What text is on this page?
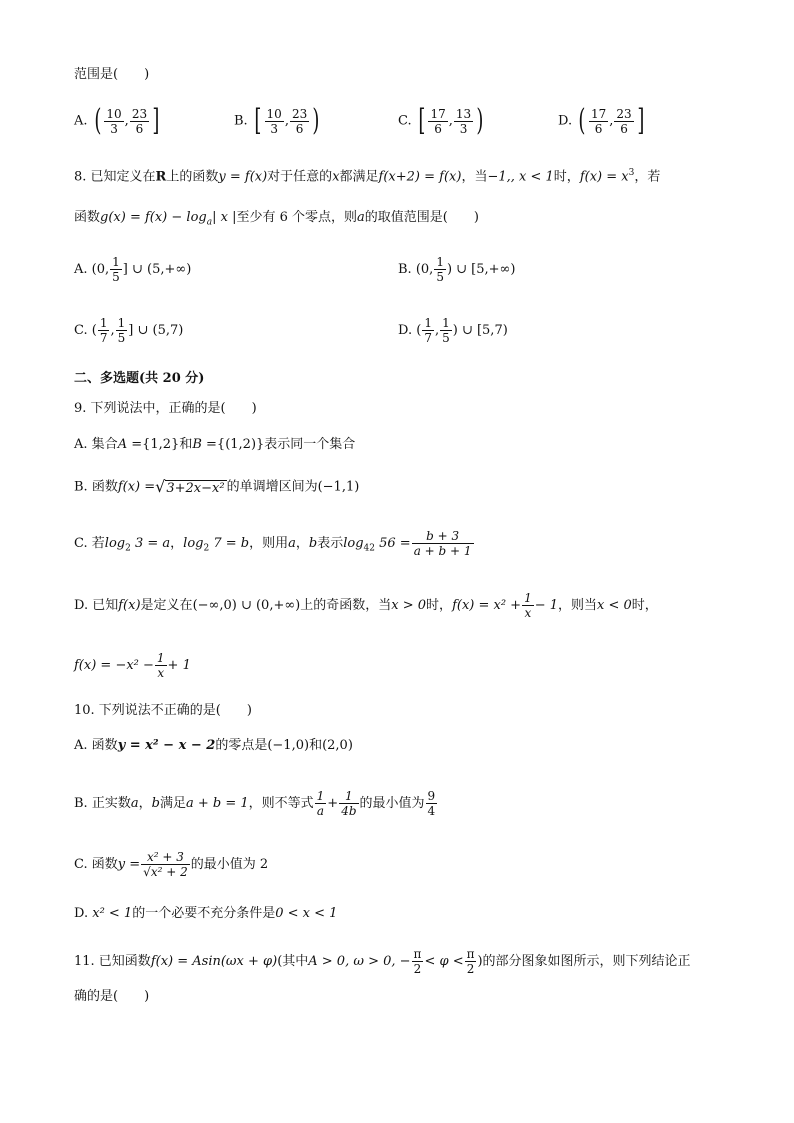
范围是(　　)
A. ( $\frac{10}{3}$ , $\frac{23}{6}$ ]	B. [ $\frac{10}{3}$ , $\frac{23}{6}$ )	C. [ $\frac{17}{6}$ , $\frac{13}{3}$ )	D. ( $\frac{17}{6}$ , $\frac{23}{6}$ ]
8. 已知定义在R上的函数y = f(x)对于任意的x都满足f(x+2) = f(x)，当−1,, x < 1时，$f(x) = x^3$，若
函数$g(x) = f(x) - \log_a|$ x |至少有 6 个零点，则a的取值范围是(　　)
A. (0, $\frac{1}{5}$ ] ∪ (5,+∞)	B. (0, $\frac{1}{5}$ ) ∪ [5,+∞)
C. ( $\frac{1}{7}$ , $\frac{1}{5}$ ] ∪ (5,7)	D. ( $\frac{1}{7}$ , $\frac{1}{5}$ ) ∪ [5,7)
二、多选题(共 20 分)
9. 下列说法中，正确的是(　　)
A. 集合A ={1,2}和B ={(1,2)}表示同一个集合
B. 函数f(x) =√3+2x−x² 的单调增区间为(−1,1)
C. 若$\log_2 3 = a$，$\log_2 7 = b$，则用a，b表示$\log_{42} 56 = \frac{b + 3}{a + b + 1}$
D. 已知f(x)是定义在(−∞,0) ∪ (0,+∞)上的奇函数，当x > 0时，$f(x) = x^2 + \frac{1}{x} - 1$，则当x < 0时，
$f(x) = -x^2 - \frac{1}{x} + 1$
10. 下列说法不正确的是(　　)
A. 函数y = x² − x − 2的零点是(−1,0)和(2,0)
B. 正实数a，b满足a + b = 1，则不等式 $\frac{1}{a} + \frac{1}{4b}$ 的最小值为 $\frac{9}{4}$
C. 函数$y = \frac{\text{x² + 3}}{\text{√x² + 2}}$ 的最小值为 2
D. x² < 1的一个必要不充分条件是0 < x < 1
11. 已知函数f(x) = Asin(ωx + φ)(其中A > 0, ω > 0, − $\frac{\pi}{2} < \varphi < \frac{\pi}{2}$ )的部分图象如图所示，则下列结论正
确的是(　　)
